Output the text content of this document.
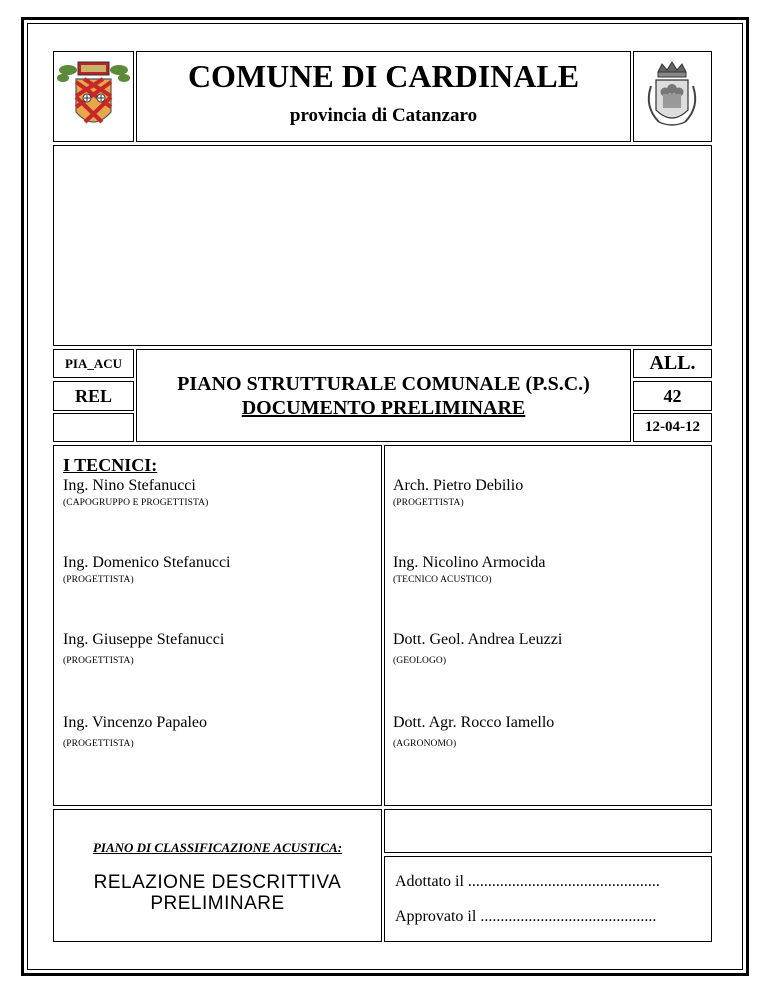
COMUNE DI CARDINALE
provincia di Catanzaro
PIA_ACU
REL
PIANO STRUTTURALE COMUNALE (P.S.C.)
DOCUMENTO PRELIMINARE
ALL.
42
12-04-12
I TECNICI:
Ing. Nino Stefanucci
(CAPOGRUPPO E PROGETTISTA)
Ing. Domenico Stefanucci
(PROGETTISTA)
Ing. Giuseppe Stefanucci
(PROGETTISTA)
Ing. Vincenzo Papaleo
(PROGETTISTA)
Arch. Pietro Debilio
(PROGETTISTA)
Ing. Nicolino Armocida
(TECNICO ACUSTICO)
Dott. Geol. Andrea Leuzzi
(GEOLOGO)
Dott. Agr. Rocco Iamello
(AGRONOMO)
PIANO DI CLASSIFICAZIONE ACUSTICA:
RELAZIONE DESCRITTIVA
PRELIMINARE
Adottato il ................................................
Approvato il ............................................
